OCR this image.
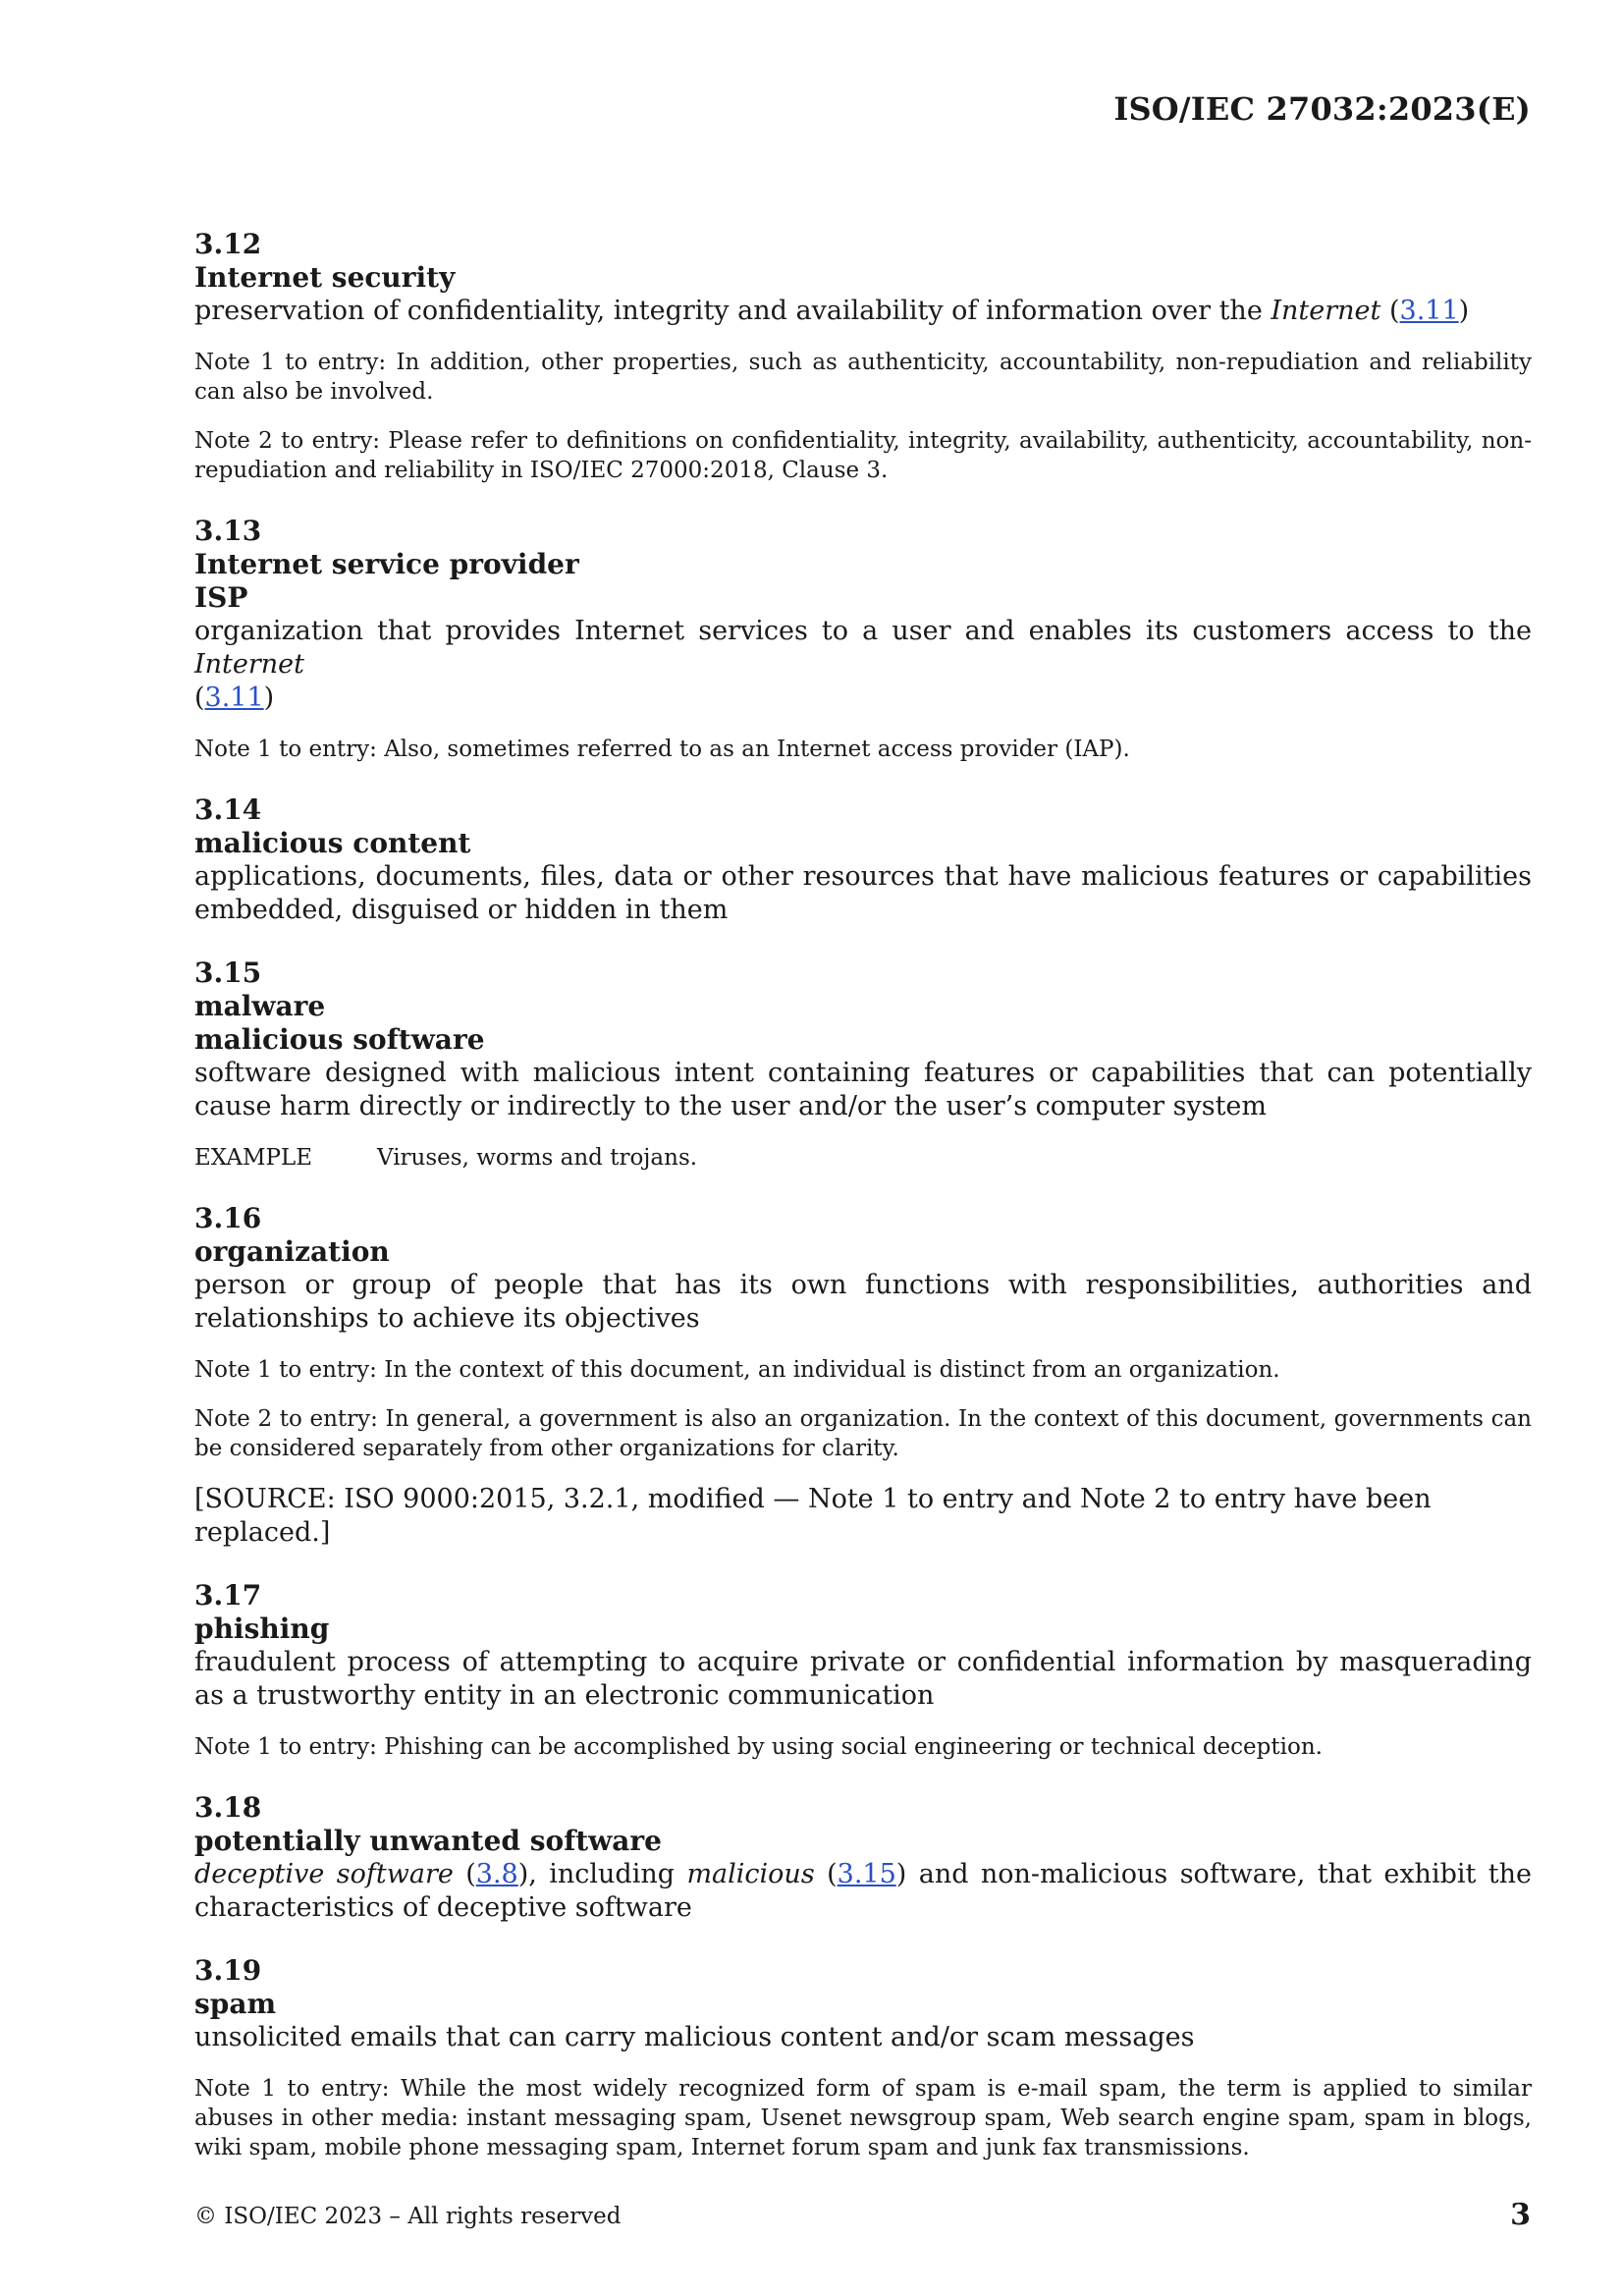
ISO/IEC 27032:2023(E)
3.12
Internet security
preservation of confidentiality, integrity and availability of information over the Internet (3.11)
Note 1 to entry: In addition, other properties, such as authenticity, accountability, non-repudiation and reliability can also be involved.
Note 2 to entry: Please refer to definitions on confidentiality, integrity, availability, authenticity, accountability, non-repudiation and reliability in ISO/IEC 27000:2018, Clause 3.
3.13
Internet service provider
ISP
organization that provides Internet services to a user and enables its customers access to the Internet
(3.11)
Note 1 to entry: Also, sometimes referred to as an Internet access provider (IAP).
3.14
malicious content
applications, documents, files, data or other resources that have malicious features or capabilities embedded, disguised or hidden in them
3.15
malware
malicious software
software designed with malicious intent containing features or capabilities that can potentially cause harm directly or indirectly to the user and/or the user’s computer system
EXAMPLE	Viruses, worms and trojans.
3.16
organization
person or group of people that has its own functions with responsibilities, authorities and relationships to achieve its objectives
Note 1 to entry: In the context of this document, an individual is distinct from an organization.
Note 2 to entry: In general, a government is also an organization. In the context of this document, governments can be considered separately from other organizations for clarity.
[SOURCE: ISO 9000:2015, 3.2.1, modified — Note 1 to entry and Note 2 to entry have been replaced.]
3.17
phishing
fraudulent process of attempting to acquire private or confidential information by masquerading as a trustworthy entity in an electronic communication
Note 1 to entry: Phishing can be accomplished by using social engineering or technical deception.
3.18
potentially unwanted software
deceptive software (3.8), including malicious (3.15) and non-malicious software, that exhibit the characteristics of deceptive software
3.19
spam
unsolicited emails that can carry malicious content and/or scam messages
Note 1 to entry: While the most widely recognized form of spam is e-mail spam, the term is applied to similar abuses in other media: instant messaging spam, Usenet newsgroup spam, Web search engine spam, spam in blogs, wiki spam, mobile phone messaging spam, Internet forum spam and junk fax transmissions.
© ISO/IEC 2023 – All rights reserved	3
